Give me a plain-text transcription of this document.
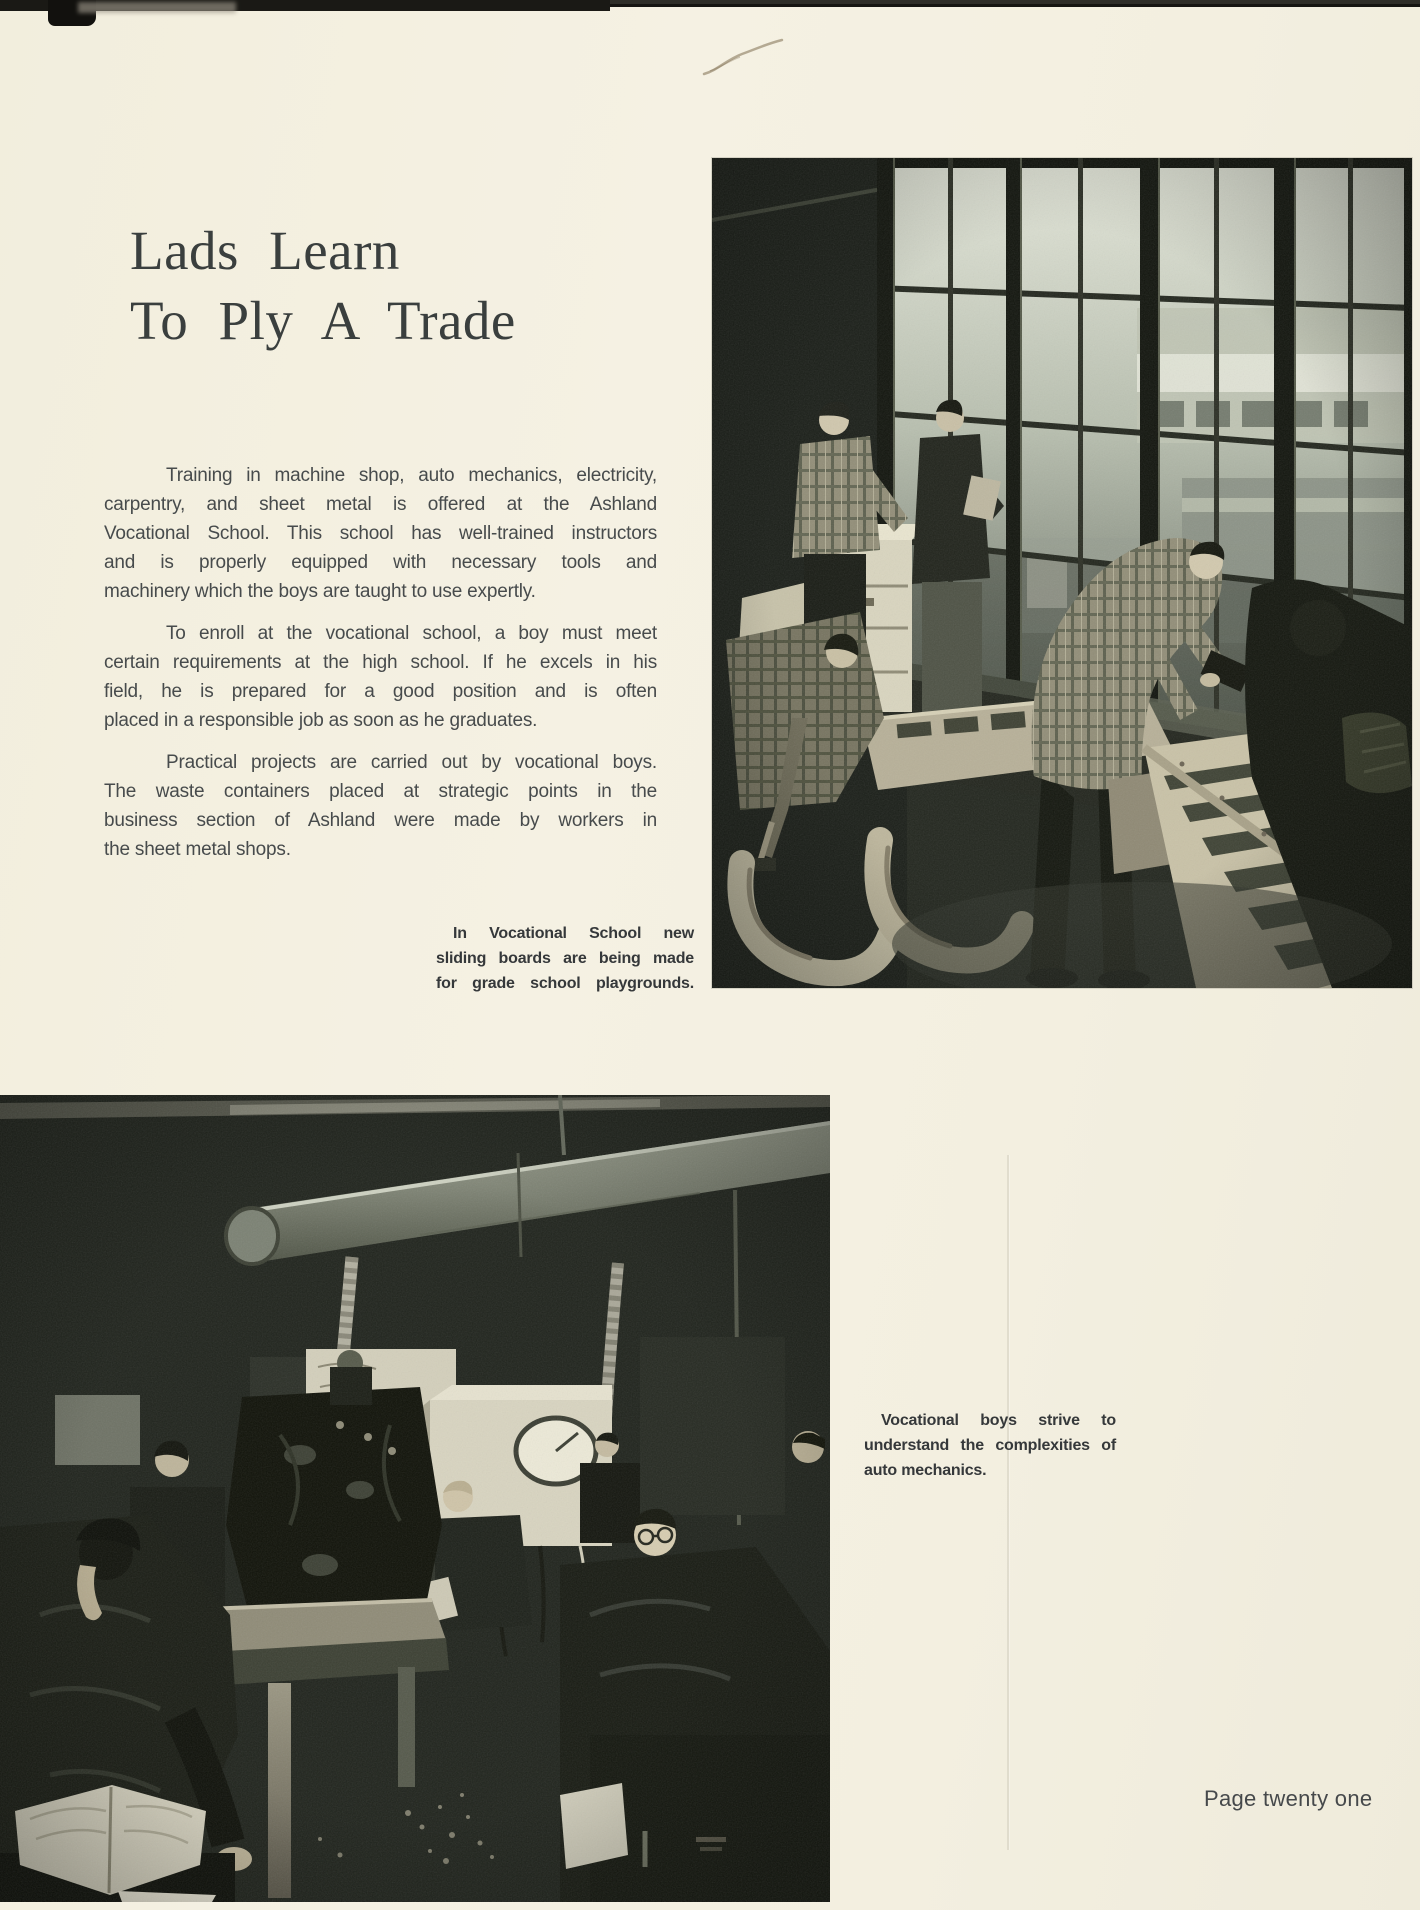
Lads Learn
To Ply A Trade
Training in machine shop, auto mechanics, electricity,
carpentry, and sheet metal is offered at the Ashland
Vocational School. This school has well-trained instructors
and is properly equipped with necessary tools and
machinery which the boys are taught to use expertly.
To enroll at the vocational school, a boy must meet
certain requirements at the high school. If he excels in his
field, he is prepared for a good position and is often
placed in a responsible job as soon as he graduates.
Practical projects are carried out by vocational boys.
The waste containers placed at strategic points in the
business section of Ashland were made by workers in
the sheet metal shops.
In Vocational School new
sliding boards are being made
for grade school playgrounds.
Vocational boys strive to
understand the complexities of
auto mechanics.
Page twenty one
